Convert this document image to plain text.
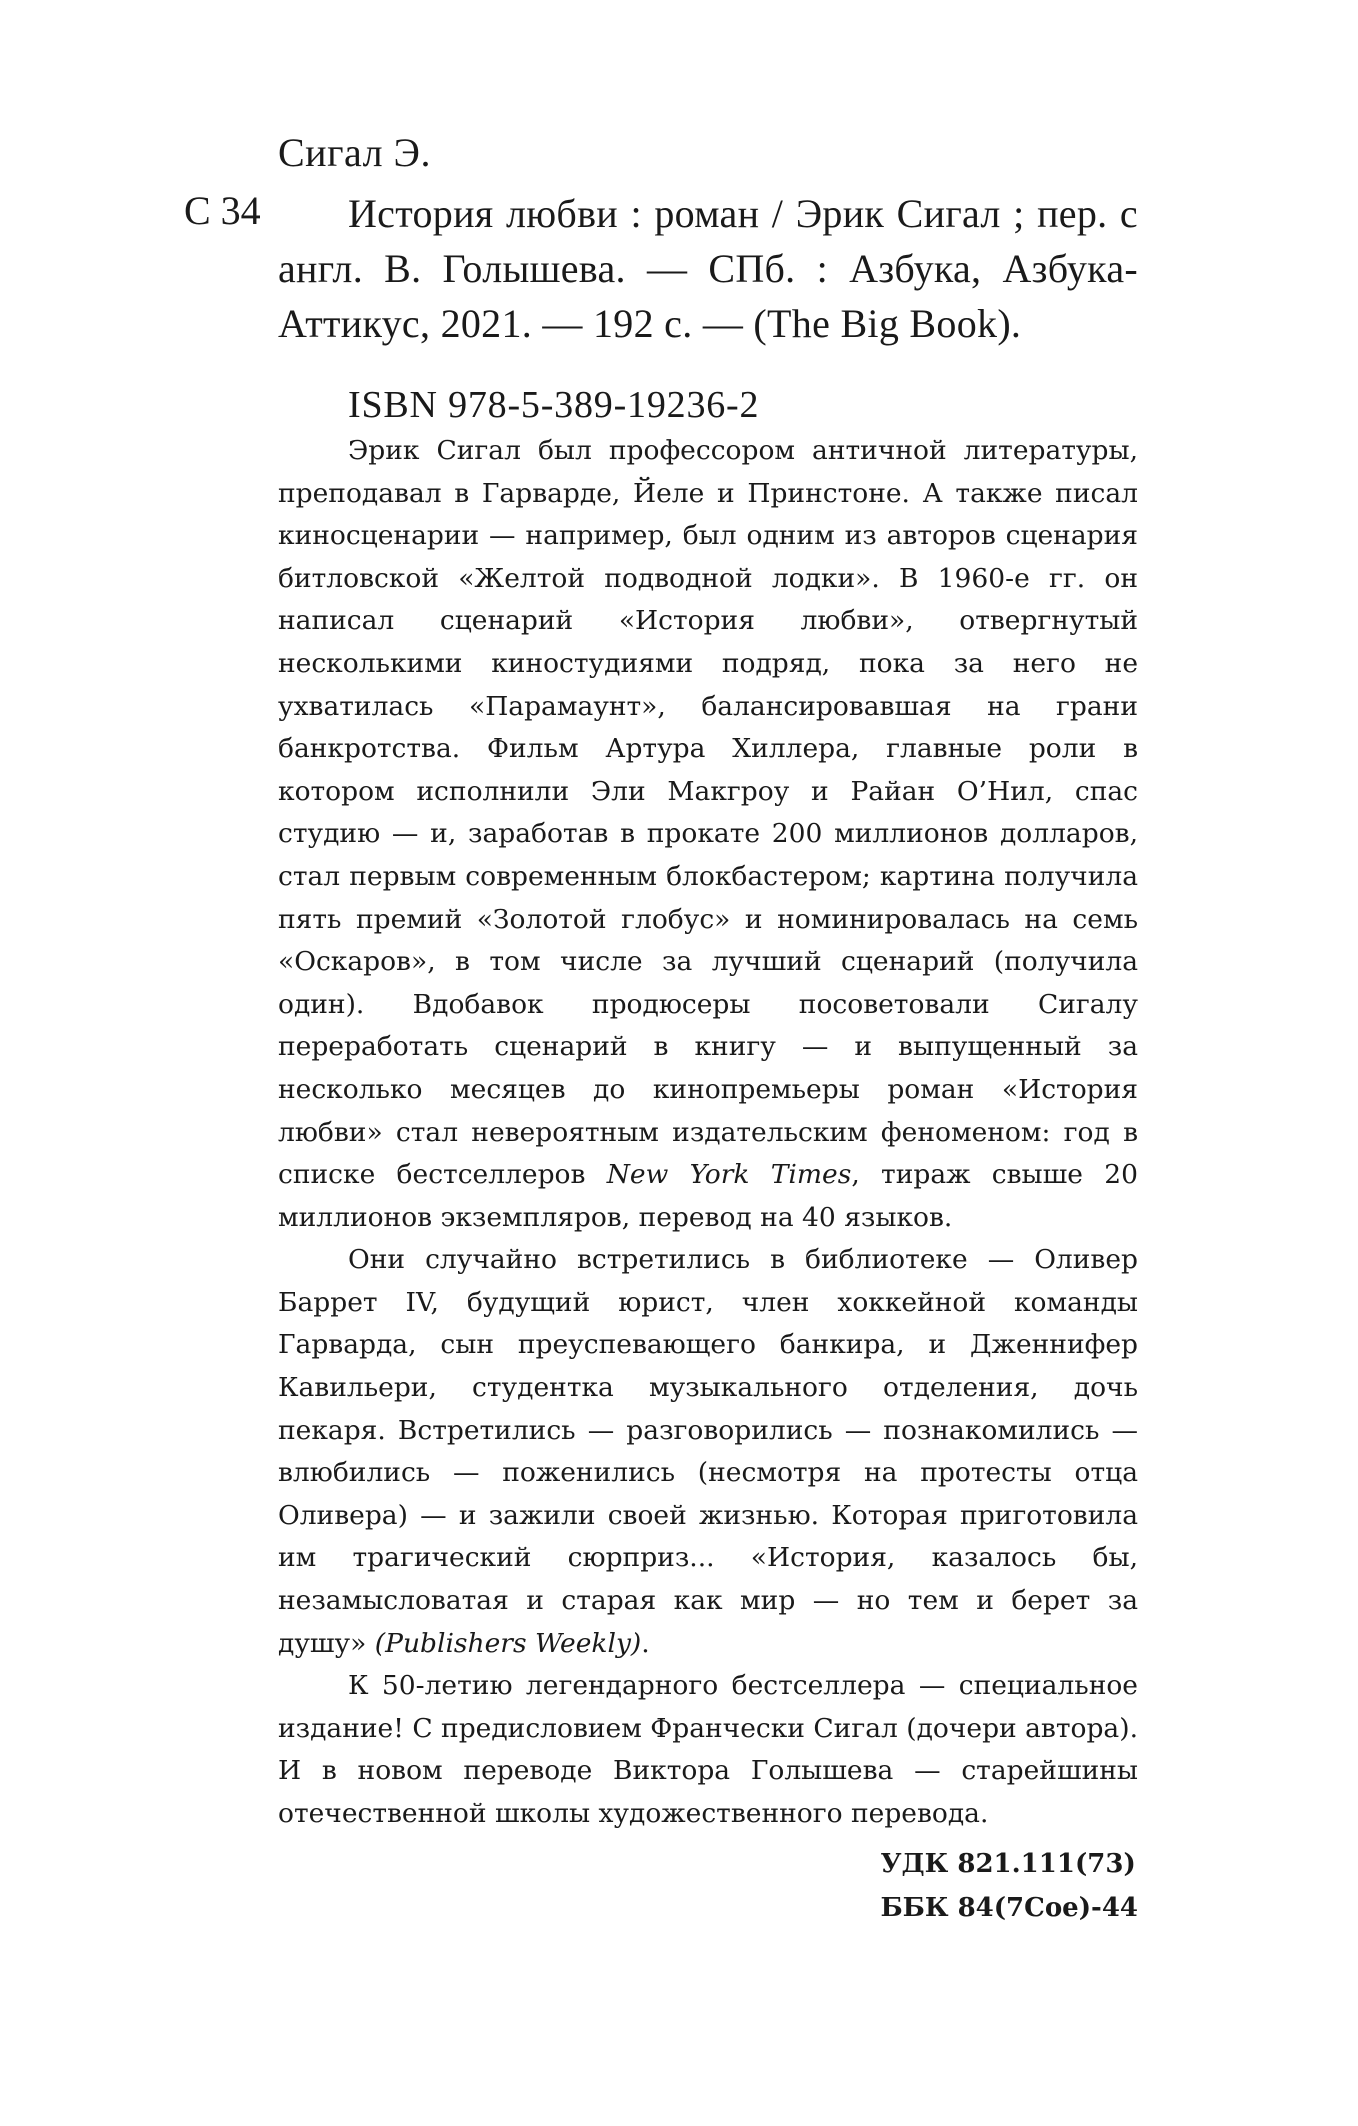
Сигал Э.
С 34	История любви : роман / Эрик Сигал ; пер. с англ. В. Голышева. — СПб. : Азбука, Азбука-Аттикус, 2021. — 192 с. — (The Big Book).
ISBN 978-5-389-19236-2

Эрик Сигал был профессором античной литературы, преподавал в Гарварде, Йеле и Принстоне. А также писал киносценарии — например, был одним из авторов сценария битловской «Желтой подводной лодки». В 1960-е гг. он написал сценарий «История любви», отвергнутый несколькими киностудиями подряд, пока за него не ухватилась «Парамаунт», балансировавшая на грани банкротства. Фильм Артура Хиллера, главные роли в котором исполнили Эли Макгроу и Райан О’Нил, спас студию — и, заработав в прокате 200 миллионов долларов, стал первым современным блокбастером; картина получила пять премий «Золотой глобус» и номинировалась на семь «Оскаров», в том числе за лучший сценарий (получила один). Вдобавок продюсеры посоветовали Сигалу переработать сценарий в книгу — и выпущенный за несколько месяцев до кинопремьеры роман «История любви» стал невероятным издательским феноменом: год в списке бестселлеров New York Times, тираж свыше 20 миллионов экземпляров, перевод на 40 языков.

Они случайно встретились в библиотеке — Оливер Баррет IV, будущий юрист, член хоккейной команды Гарварда, сын преуспевающего банкира, и Дженнифер Кавильери, студентка музыкального отделения, дочь пекаря. Встретились — разговорились — познакомились — влюбились — поженились (несмотря на протесты отца Оливера) — и зажили своей жизнью. Которая приготовила им трагический сюрприз... «История, казалось бы, незамысловатая и старая как мир — но тем и берет за душу» (Publishers Weekly).

К 50-летию легендарного бестселлера — специальное издание! С предисловием Франчески Сигал (дочери автора). И в новом переводе Виктора Голышева — старейшины отечественной школы художественного перевода.

УДК 821.111(73)
ББК 84(7Сое)-44
